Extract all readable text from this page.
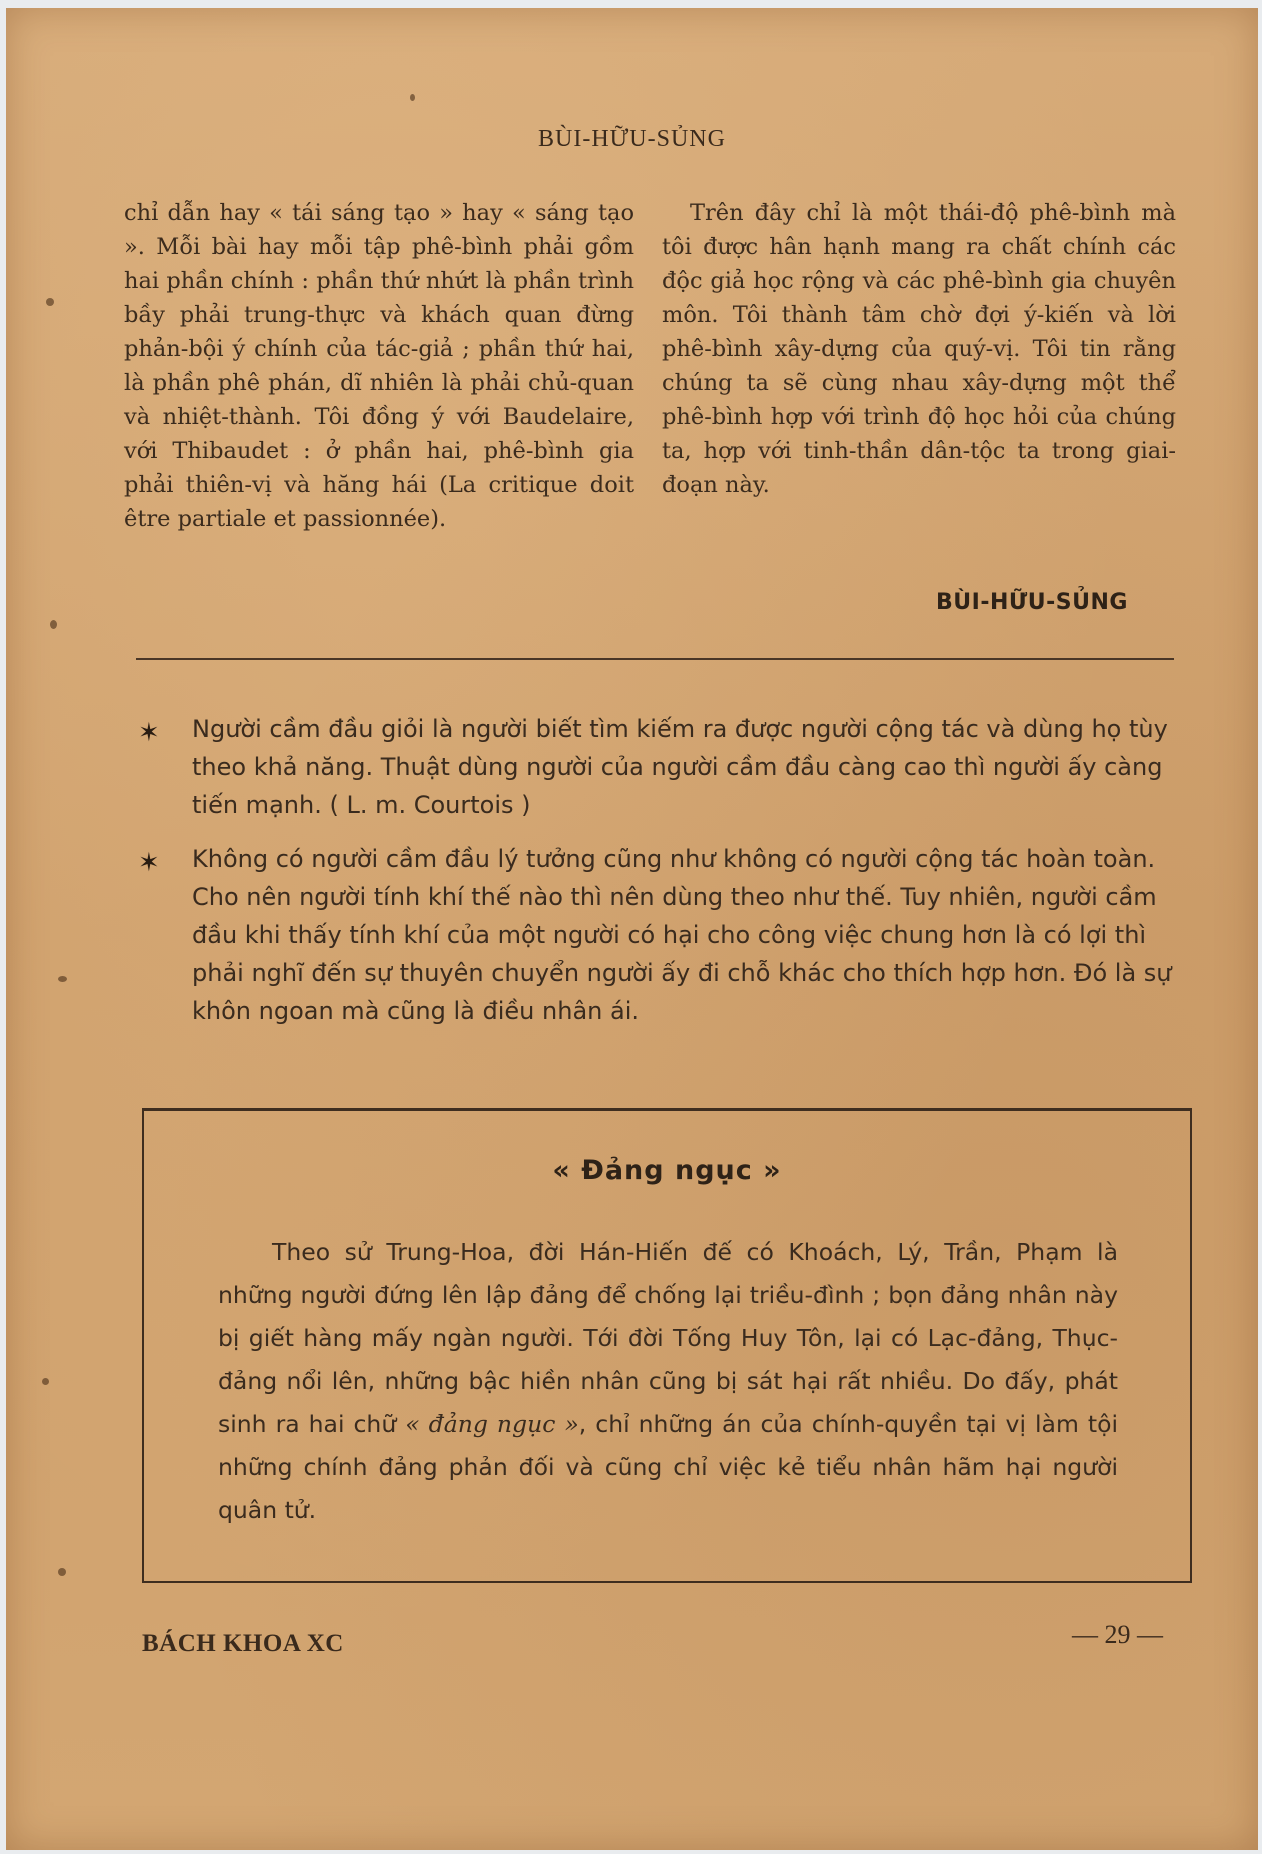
BÙI-HỮU-SỦNG

chỉ dẫn hay « tái sáng tạo » hay « sáng tạo ». Mỗi bài hay mỗi tập phê-bình phải gồm hai phần chính : phần thứ nhứt là phần trình bầy phải trung-thực và khách quan đừng phản-bội ý chính của tác-giả ; phần thứ hai, là phần phê phán, dĩ nhiên là phải chủ-quan và nhiệt-thành. Tôi đồng ý với Baudelaire, với Thibaudet : ở phần hai, phê-bình gia phải thiên-vị và hăng hái (La critique doit être partiale et passionnée).

Trên đây chỉ là một thái-độ phê-bình mà tôi được hân hạnh mang ra chất chính các độc giả học rộng và các phê-bình gia chuyên môn. Tôi thành tâm chờ đợi ý-kiến và lời phê-bình xây-dựng của quý-vị. Tôi tin rằng chúng ta sẽ cùng nhau xây-dựng một thể phê-bình hợp với trình độ học hỏi của chúng ta, hợp với tinh-thần dân-tộc ta trong giai-đoạn này.

BÙI-HỮU-SỦNG
✶ Người cầm đầu giỏi là người biết tìm kiếm ra được người cộng tác và dùng họ tùy theo khả năng. Thuật dùng người của người cầm đầu càng cao thì người ấy càng tiến mạnh. ( L. m. Courtois )

✶ Không có người cầm đầu lý tưởng cũng như không có người cộng tác hoàn toàn. Cho nên người tính khí thế nào thì nên dùng theo như thế. Tuy nhiên, người cầm đầu khi thấy tính khí của một người có hại cho công việc chung hơn là có lợi thì phải nghĩ đến sự thuyên chuyển người ấy đi chỗ khác cho thích hợp hơn. Đó là sự khôn ngoan mà cũng là điều nhân ái.

« Đảng ngục »

Theo sử Trung-Hoa, đời Hán-Hiến đế có Khoách, Lý, Trần, Phạm là những người đứng lên lập đảng để chống lại triều-đình ; bọn đảng nhân này bị giết hàng mấy ngàn người. Tới đời Tống Huy Tôn, lại có Lạc-đảng, Thục-đảng nổi lên, những bậc hiền nhân cũng bị sát hại rất nhiều. Do đấy, phát sinh ra hai chữ « đảng ngục », chỉ những án của chính-quyền tại vị làm tội những chính đảng phản đối và cũng chỉ việc kẻ tiểu nhân hãm hại người quân tử.

BÁCH KHOA XC	— 29 —
